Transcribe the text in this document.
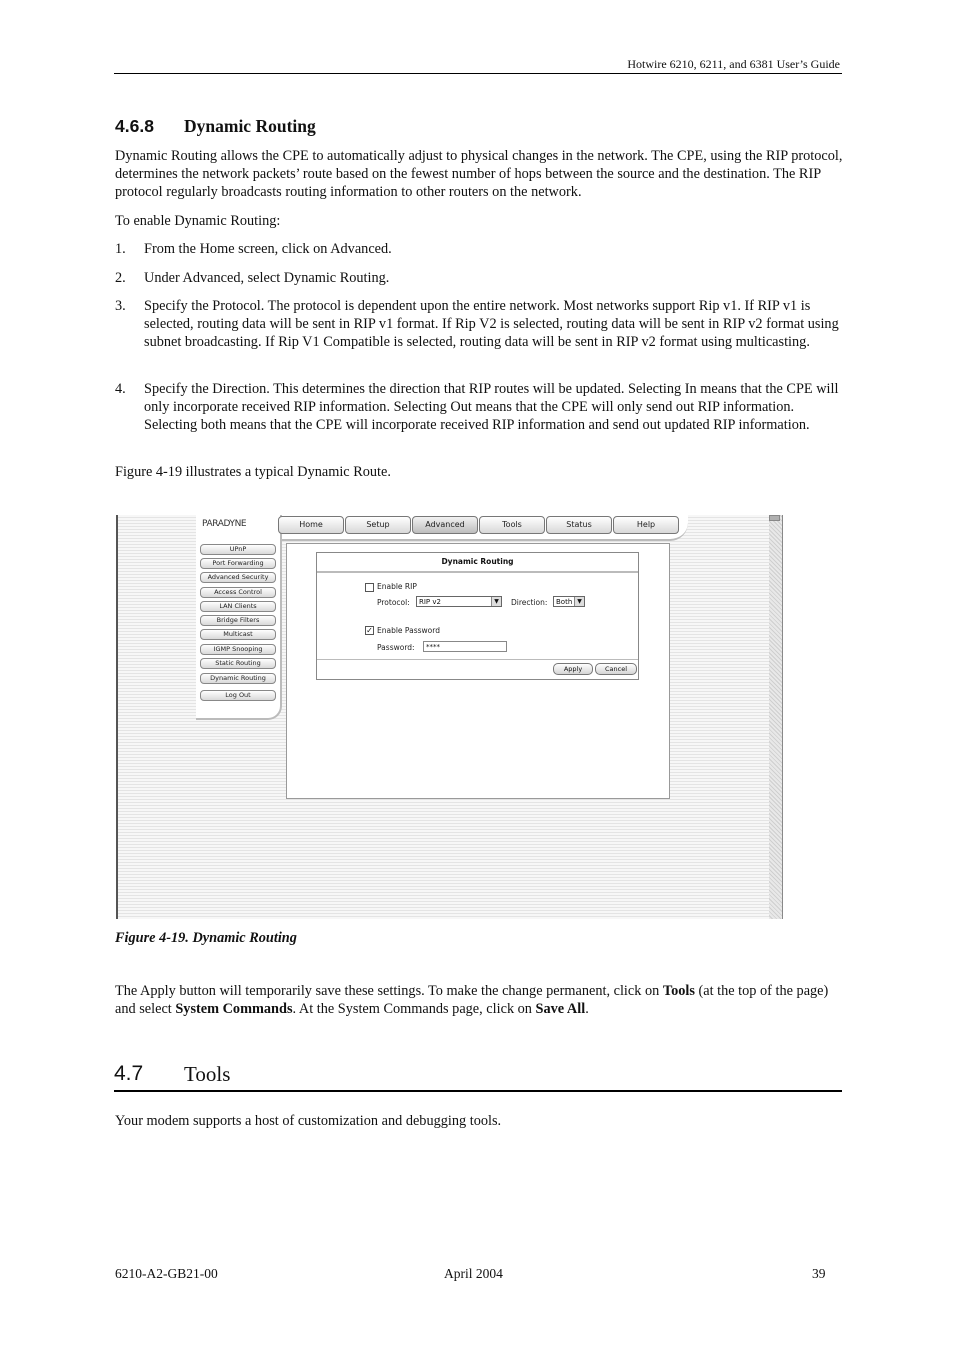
Hotwire 6210, 6211, and 6381 User’s Guide
4.6.8 Dynamic Routing
Dynamic Routing allows the CPE to automatically adjust to physical changes in the network. The CPE, using the RIP protocol, determines the network packets’ route based on the fewest number of hops between the source and the destination. The RIP protocol regularly broadcasts routing information to other routers on the network.
To enable Dynamic Routing:
1. From the Home screen, click on Advanced.
2. Under Advanced, select Dynamic Routing.
3. Specify the Protocol. The protocol is dependent upon the entire network. Most networks support Rip v1. If RIP v1 is selected, routing data will be sent in RIP v1 format. If Rip V2 is selected, routing data will be sent in RIP v2 format using subnet broadcasting. If Rip V1 Compatible is selected, routing data will be sent in RIP v2 format using multicasting.
4. Specify the Direction. This determines the direction that RIP routes will be updated. Selecting In means that the CPE will only incorporate received RIP information. Selecting Out means that the CPE will only send out RIP information. Selecting both means that the CPE will incorporate received RIP information and send out updated RIP information.
Figure 4-19 illustrates a typical Dynamic Route.
PARADYNE	Home	Setup	Advanced	Tools	Status	Help
UPnP
Port Forwarding
Advanced Security
Access Control
LAN Clients
Bridge Filters
Multicast
IGMP Snooping
Static Routing
Dynamic Routing
Log Out
Dynamic Routing
Enable RIP
Protocol:	RIP v2	▼ Direction:	Both ▼
✓ Enable Password
Password:	****
Apply	Cancel
Figure 4-19. Dynamic Routing
The Apply button will temporarily save these settings. To make the change permanent, click on Tools (at the top of the page) and select System Commands. At the System Commands page, click on Save All.
4.7 Tools
Your modem supports a host of customization and debugging tools.
6210-A2-GB21-00	April 2004	39
